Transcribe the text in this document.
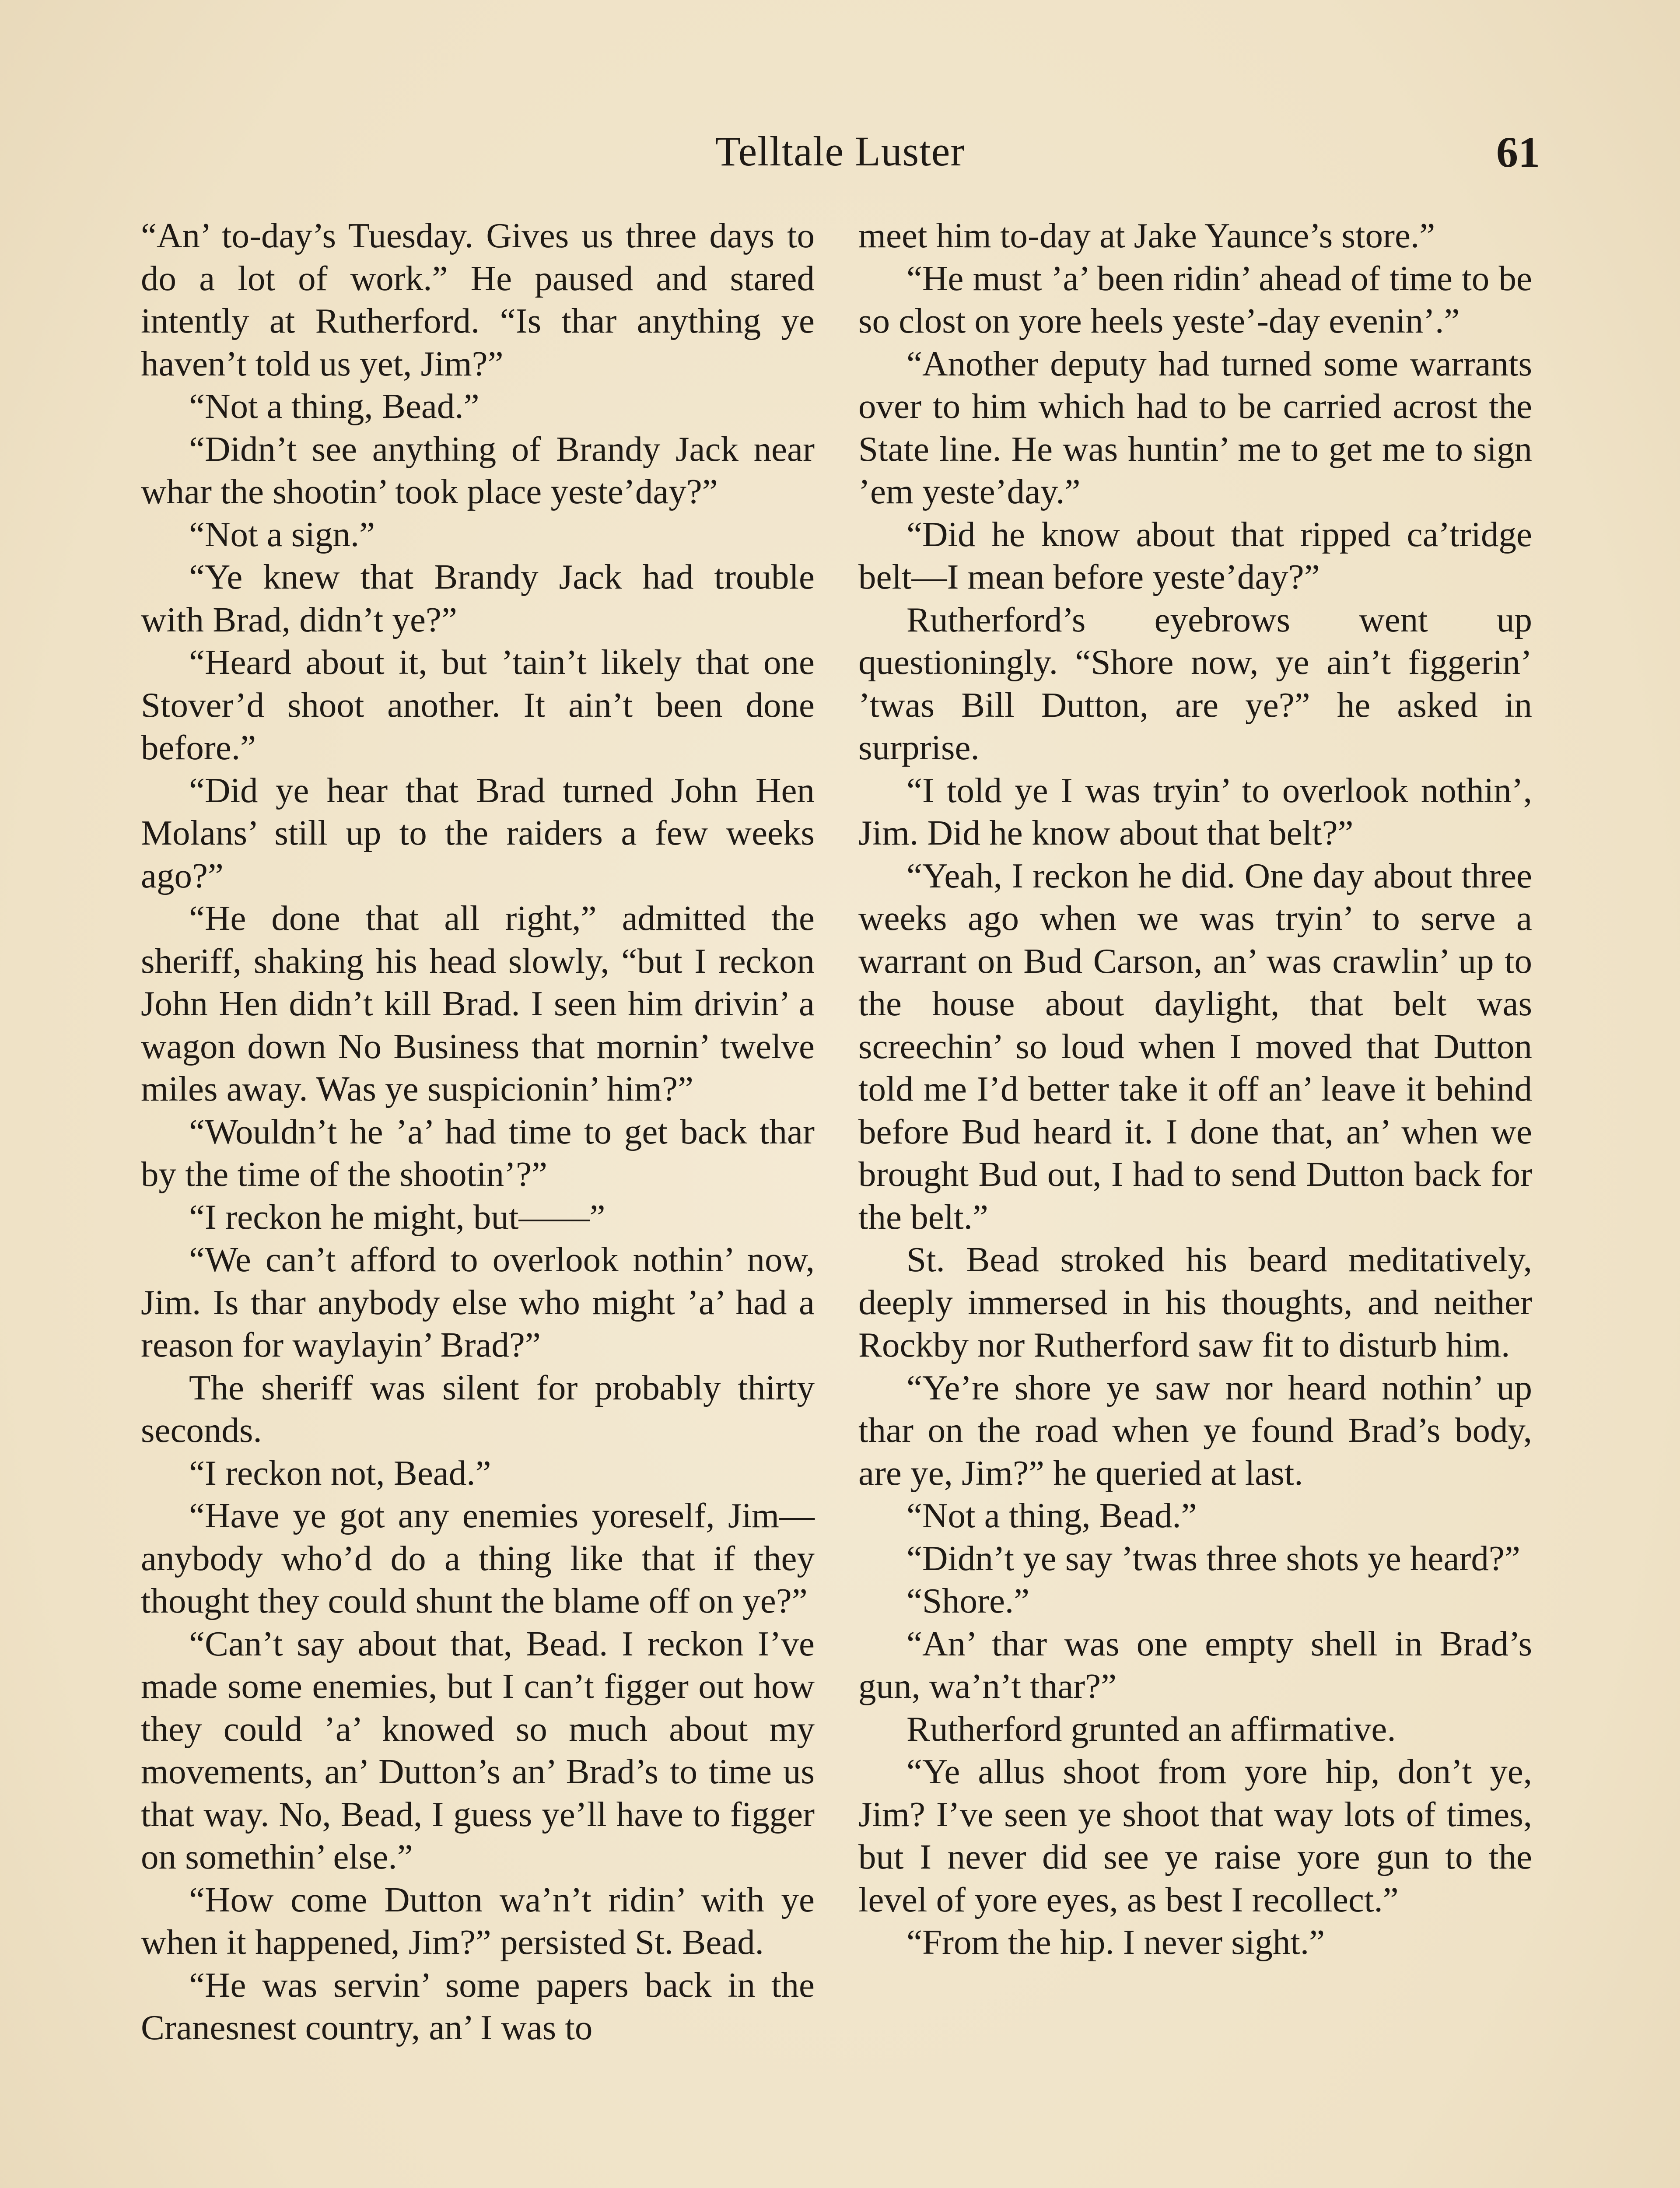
Telltale Luster	61

“An’ to-day’s Tuesday. Gives us three days to do a lot of work.” He paused and stared intently at Rutherford. “Is thar anything ye haven’t told us yet, Jim?”

“Not a thing, Bead.”

“Didn’t see anything of Brandy Jack near whar the shootin’ took place yeste’day?”

“Not a sign.”

“Ye knew that Brandy Jack had trouble with Brad, didn’t ye?”

“Heard about it, but ’tain’t likely that one Stover’d shoot another. It ain’t been done before.”

“Did ye hear that Brad turned John Hen Molans’ still up to the raiders a few weeks ago?”

“He done that all right,” admitted the sheriff, shaking his head slowly, “but I reckon John Hen didn’t kill Brad. I seen him drivin’ a wagon down No Business that mornin’ twelve miles away. Was ye suspicionin’ him?”

“Wouldn’t he ’a’ had time to get back thar by the time of the shootin’?”

“I reckon he might, but——”

“We can’t afford to overlook nothin’ now, Jim. Is thar anybody else who might ’a’ had a reason for waylayin’ Brad?”

The sheriff was silent for probably thirty seconds.

“I reckon not, Bead.”

“Have ye got any enemies yoreself, Jim—anybody who’d do a thing like that if they thought they could shunt the blame off on ye?”

“Can’t say about that, Bead. I reckon I’ve made some enemies, but I can’t figger out how they could ’a’ knowed so much about my movements, an’ Dutton’s an’ Brad’s to time us that way. No, Bead, I guess ye’ll have to figger on somethin’ else.”

“How come Dutton wa’n’t ridin’ with ye when it happened, Jim?” persisted St. Bead.

“He was servin’ some papers back in the Cranesnest country, an’ I was to

meet him to-day at Jake Yaunce’s store.”

“He must ’a’ been ridin’ ahead of time to be so clost on yore heels yeste’-day evenin’.”

“Another deputy had turned some warrants over to him which had to be carried acrost the State line. He was huntin’ me to get me to sign ’em yeste’day.”

“Did he know about that ripped ca’tridge belt—I mean before yeste’day?”

Rutherford’s eyebrows went up questioningly. “Shore now, ye ain’t figgerin’ ’twas Bill Dutton, are ye?” he asked in surprise.

“I told ye I was tryin’ to overlook nothin’, Jim. Did he know about that belt?”

“Yeah, I reckon he did. One day about three weeks ago when we was tryin’ to serve a warrant on Bud Carson, an’ was crawlin’ up to the house about daylight, that belt was screechin’ so loud when I moved that Dutton told me I’d better take it off an’ leave it behind before Bud heard it. I done that, an’ when we brought Bud out, I had to send Dutton back for the belt.”

St. Bead stroked his beard meditatively, deeply immersed in his thoughts, and neither Rockby nor Rutherford saw fit to disturb him.

“Ye’re shore ye saw nor heard nothin’ up thar on the road when ye found Brad’s body, are ye, Jim?” he queried at last.

“Not a thing, Bead.”

“Didn’t ye say ’twas three shots ye heard?”

“Shore.”

“An’ thar was one empty shell in Brad’s gun, wa’n’t thar?”

Rutherford grunted an affirmative.

“Ye allus shoot from yore hip, don’t ye, Jim? I’ve seen ye shoot that way lots of times, but I never did see ye raise yore gun to the level of yore eyes, as best I recollect.”

“From the hip. I never sight.”
